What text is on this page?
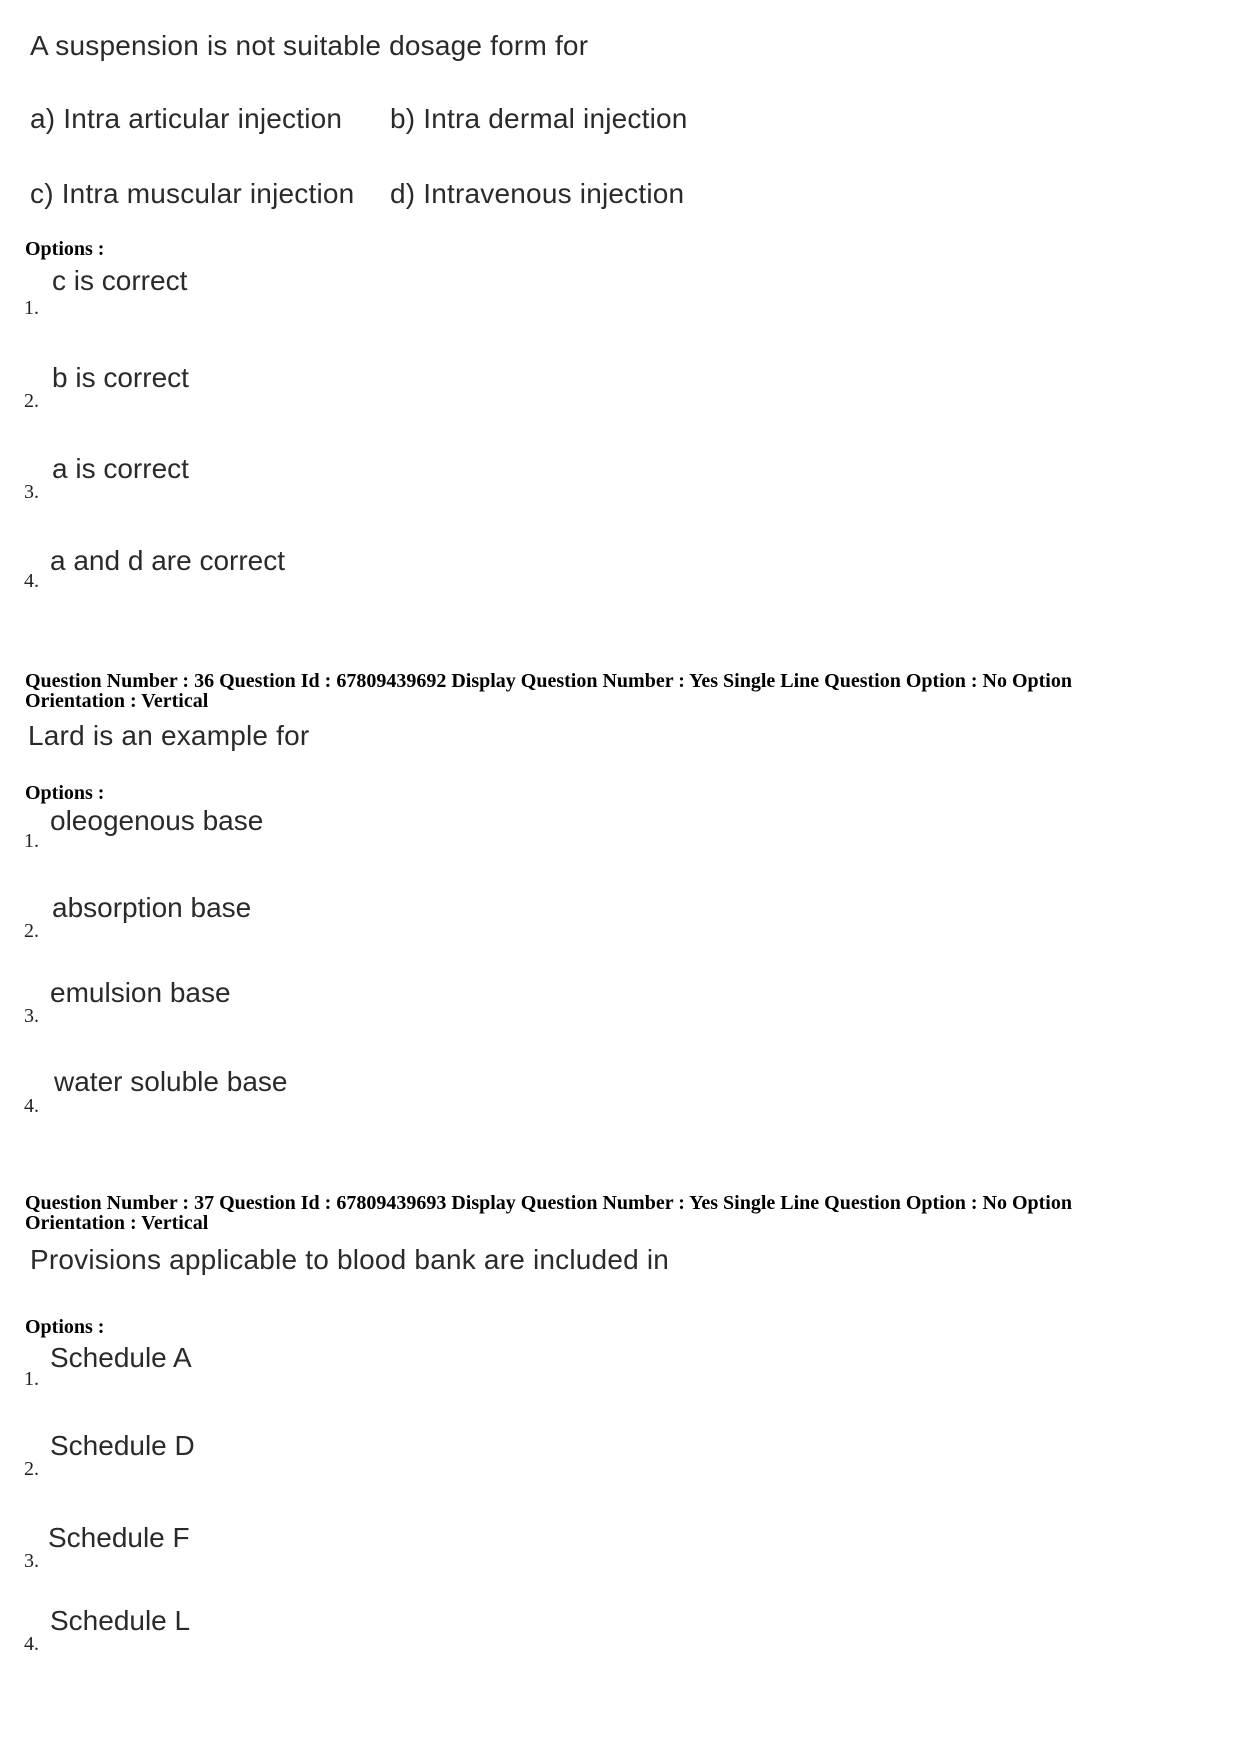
A suspension is not suitable dosage form for
a) Intra articular injection b) Intra dermal injection
c) Intra muscular injection d) Intravenous injection
Options :
c is correct
1.
b is correct
2.
a is correct
3.
a and d are correct
4.
Question Number : 36 Question Id : 67809439692 Display Question Number : Yes Single Line Question Option : No Option
Orientation : Vertical
Lard is an example for
Options :
oleogenous base
1.
absorption base
2.
emulsion base
3.
water soluble base
4.
Question Number : 37 Question Id : 67809439693 Display Question Number : Yes Single Line Question Option : No Option
Orientation : Vertical
Provisions applicable to blood bank are included in
Options :
Schedule A
1.
Schedule D
2.
Schedule F
3.
Schedule L
4.
